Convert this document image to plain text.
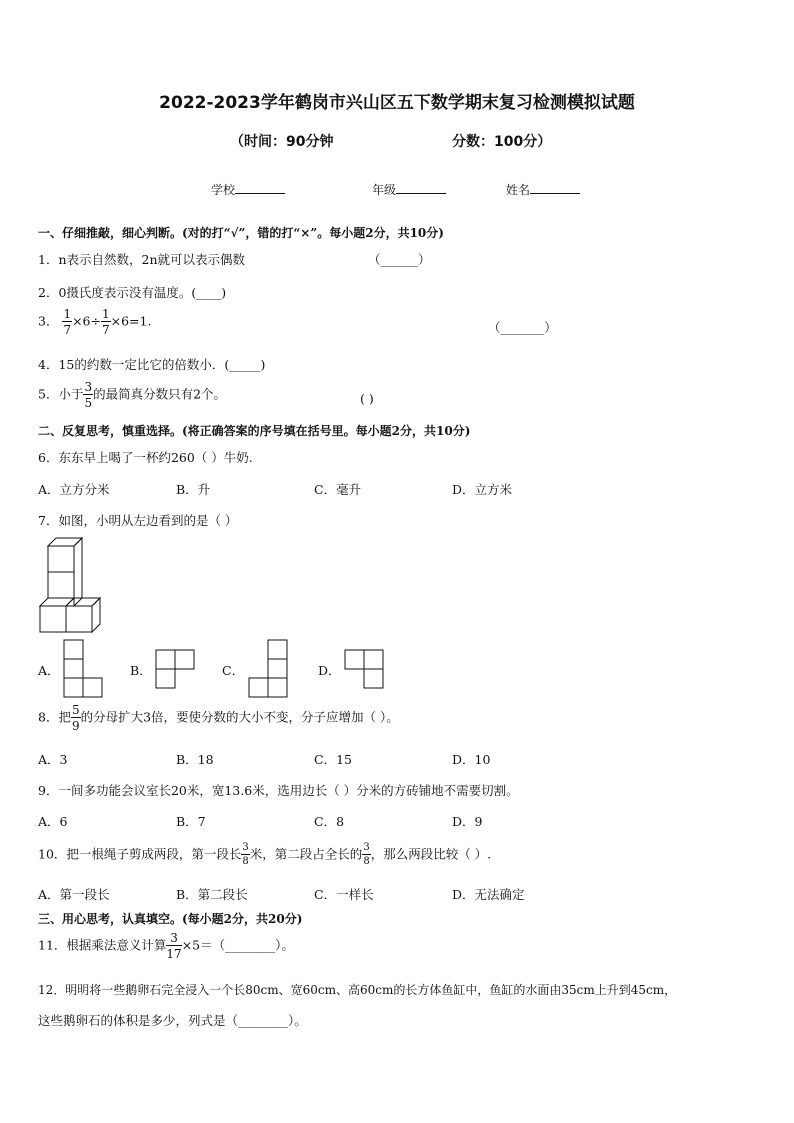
2022-2023学年鹤岗市兴山区五下数学期末复习检测模拟试题
（时间：90分钟	分数：100分）
学校	年级	姓名
一、仔细推敲，细心判断。(对的打“√”，错的打“×”。每小题2分，共10分)
1．n表示自然数，2n就可以表示偶数	（______）
2．0摄氏度表示没有温度。(____)
3． $\frac{1}{7} \times 6\div \frac{1}{7} \times 6=1$.	（_______）
4．15的约数一定比它的倍数小．(_____)
5．小于 $\frac{3}{5}$ 的最简真分数只有2个。	( )
二、反复思考，慎重选择。(将正确答案的序号填在括号里。每小题2分，共10分)
6．东东早上喝了一杯约260（ ）牛奶.
A．立方分米	B．升	C．毫升	D．立方米
7．如图，小明从左边看到的是（ ）
A．	B．	C．	D．
8．把 $\frac{5}{9}$ 的分母扩大3倍，要使分数的大小不变，分子应增加（ ）。
A．3	B．18	C．15	D．10
9．一间多功能会议室长20米，宽13.6米，选用边长（ ）分米的方砖铺地不需要切割。
A．6	B．7	C．8	D．9
10．把一根绳子剪成两段，第一段长 $\frac{3}{8}$ 米，第二段占全长的 $\frac{3}{8}$ ，那么两段比较（ ）.
A．第一段长	B．第二段长	C．一样长	D．无法确定
三、用心思考，认真填空。(每小题2分，共20分)
11．根据乘法意义计算 $\frac{3}{17}$ ×5＝（________）。
12．明明将一些鹅卵石完全浸入一个长80cm、宽60cm、高60cm的长方体鱼缸中，鱼缸的水面由35cm上升到45cm，
这些鹅卵石的体积是多少，列式是（________）。
